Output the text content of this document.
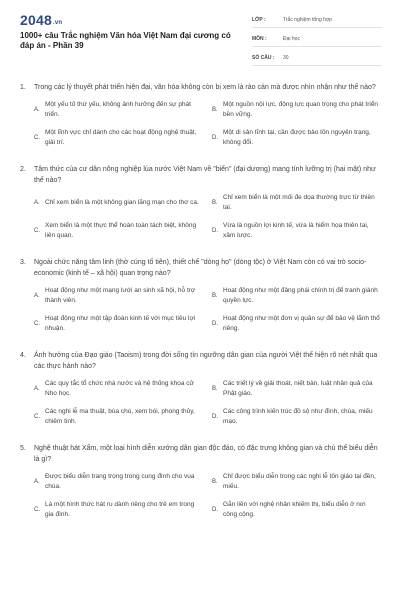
2048.vn
1000+ câu Trắc nghiệm Văn hóa Việt Nam đại cương có đáp án - Phần 39
LỚP :	Trắc nghiệm tổng hợp
MÔN :	Đại học
SỐ CÂU :	30
1.	Trong các lý thuyết phát triển hiện đại, văn hóa không còn bị xem là rào cản mà được nhìn nhận như thế nào?
A.
Một yếu tố thứ yếu, không ảnh hưởng đến sự phát triển.
B.
Một nguồn nội lực, động lực quan trọng cho phát triển bền vững.
C.
Một lĩnh vực chỉ dành cho các hoạt động nghệ thuật, giải trí.
D.
Một di sản tĩnh tại, cần được bảo tồn nguyên trạng, không đổi.
2.	Tâm thức của cư dân nông nghiệp lúa nước Việt Nam về "biển" (đại dương) mang tính lưỡng trị (hai mặt) như thế nào?
A. Chỉ xem biển là một không gian lãng mạn cho thơ ca.	B.
Chỉ xem biển là một mối đe dọa thường trực từ thiên tai.
C.
Xem biển là một thực thể hoàn toàn tách biệt, không liên quan.
D.
Vừa là nguồn lợi kinh tế, vừa là hiểm họa thiên tai, xâm lược.
3.	Ngoài chức năng tâm linh (thờ cúng tổ tiên), thiết chế "dòng họ" (dòng tộc) ở Việt Nam còn có vai trò socio-economic (kinh tế – xã hội) quan trọng nào?
A.
Hoạt động như một mạng lưới an sinh xã hội, hỗ trợ thành viên.
B.
Hoạt động như một đảng phái chính trị để tranh giành quyền lực.
C.
Hoạt động như một tập đoàn kinh tế với mục tiêu lợi nhuận.
D.
Hoạt động như một đơn vị quân sự để bảo vệ lãnh thổ riêng.
4.	Ảnh hưởng của Đạo giáo (Taoism) trong đời sống tín ngưỡng dân gian của người Việt thể hiện rõ nét nhất qua các thực hành nào?
A.
Các quy tắc tổ chức nhà nước và hệ thống khoa cử Nho học.
B.
Các triết lý về giải thoát, niết bàn, luật nhân quả của Phật giáo.
C.
Các nghi lễ ma thuật, bùa chú, xem bói, phong thủy, chiêm tinh.
D.
Các công trình kiến trúc đồ sộ như đình, chùa, miếu mạo.
5.	Nghệ thuật hát Xẩm, một loại hình diễn xướng dân gian độc đáo, có đặc trưng không gian và chủ thể biểu diễn là gì?
A.
Được biểu diễn trang trọng trong cung đình cho vua chúa.
B.
Chỉ được biểu diễn trong các nghi lễ tôn giáo tại đền, miếu.
C.
Là một hình thức hát ru dành riêng cho trẻ em trong gia đình.
D.
Gắn liền với nghệ nhân khiếm thị, biểu diễn ở nơi công cộng.
